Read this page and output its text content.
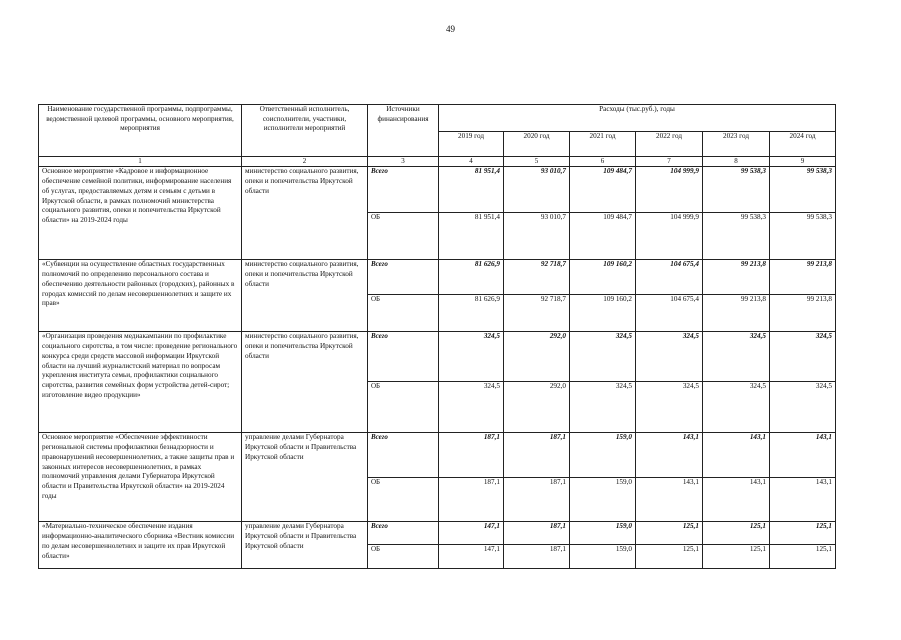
49
Наименование государственной программы, подпрограммы, ведомственной целевой программы, основного мероприятия, мероприятия	Ответственный исполнитель, соисполнители, участники, исполнители мероприятий	Источники финансирования	Расходы (тыс.руб.), годы					
			2019 год	2020 год	2021 год	2022 год	2023 год	2024 год
1	2	3	4	5	6	7	8	9
Основное мероприятие «Кадровое и информационное обеспечение семейной политики, информирование населения об услугах, предоставляемых детям и семьям с детьми в Иркутской области, в рамках полномочий министерства социального развития, опеки и попечительства Иркутской области» на 2019-2024 годы	министерство социального развития, опеки и попечительства Иркутской области	Всего	81 951,4	93 010,7	109 484,7	104 999,9	99 538,3	99 538,3
		ОБ	81 951,4	93 010,7	109 484,7	104 999,9	99 538,3	99 538,3
«Субвенции на осуществление областных государственных полномочий по определению персонального состава и обеспечению деятельности районных (городских), районных в городах комиссий по делам несовершеннолетних и защите их прав»	министерство социального развития, опеки и попечительства Иркутской области	Всего	81 626,9	92 718,7	109 160,2	104 675,4	99 213,8	99 213,8
		ОБ	81 626,9	92 718,7	109 160,2	104 675,4	99 213,8	99 213,8
«Организация проведения медиакампании по профилактике социального сиротства, в том числе: проведение регионального конкурса среди средств массовой информации Иркутской области на лучший журналистский материал по вопросам укрепления института семьи, профилактики социального сиротства, развития семейных форм устройства детей-сирот; изготовление видео продукции»	министерство социального развития, опеки и попечительства Иркутской области	Всего	324,5	292,0	324,5	324,5	324,5	324,5
		ОБ	324,5	292,0	324,5	324,5	324,5	324,5
Основное мероприятие «Обеспечение эффективности региональной системы профилактики безнадзорности и правонарушений несовершеннолетних, а также защиты прав и законных интересов несовершеннолетних, в рамках полномочий управления делами Губернатора Иркутской области и Правительства Иркутской области» на 2019-2024 годы	управление делами Губернатора Иркутской области и Правительства Иркутской области	Всего	187,1	187,1	159,0	143,1	143,1	143,1
		ОБ	187,1	187,1	159,0	143,1	143,1	143,1
«Материально-техническое обеспечение издания информационно-аналитического сборника «Вестник комиссии по делам несовершеннолетних и защите их прав Иркутской области»	управление делами Губернатора Иркутской области и Правительства Иркутской области	Всего	147,1	187,1	159,0	125,1	125,1	125,1
		ОБ	147,1	187,1	159,0	125,1	125,1	125,1
